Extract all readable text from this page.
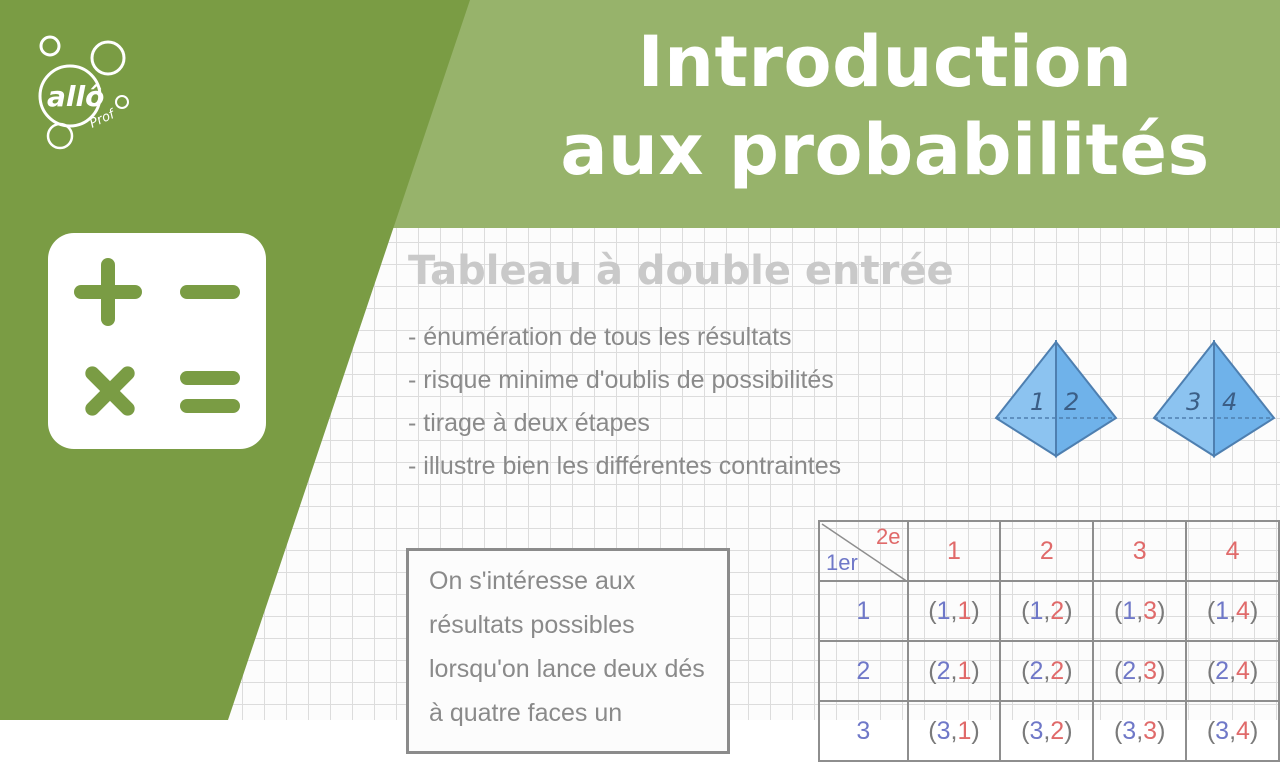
Tableau à double entrée
- énumération de tous les résultats
- risque minime d'oublis de possibilités
- tirage à deux étapes
- illustre bien les différentes contraintes
On s'intéresse aux résultats possibles lorsqu'on lance deux dés à quatre faces un
1 2	3 4
2e
1er	1	2	3	4
1	(1,1)	(1,2)	(1,3)	(1,4)
2	(2,1)	(2,2)	(2,3)	(2,4)
3	(3,1)	(3,2)	(3,3)	(3,4)
Introduction
aux probabilités
allô
Prof
